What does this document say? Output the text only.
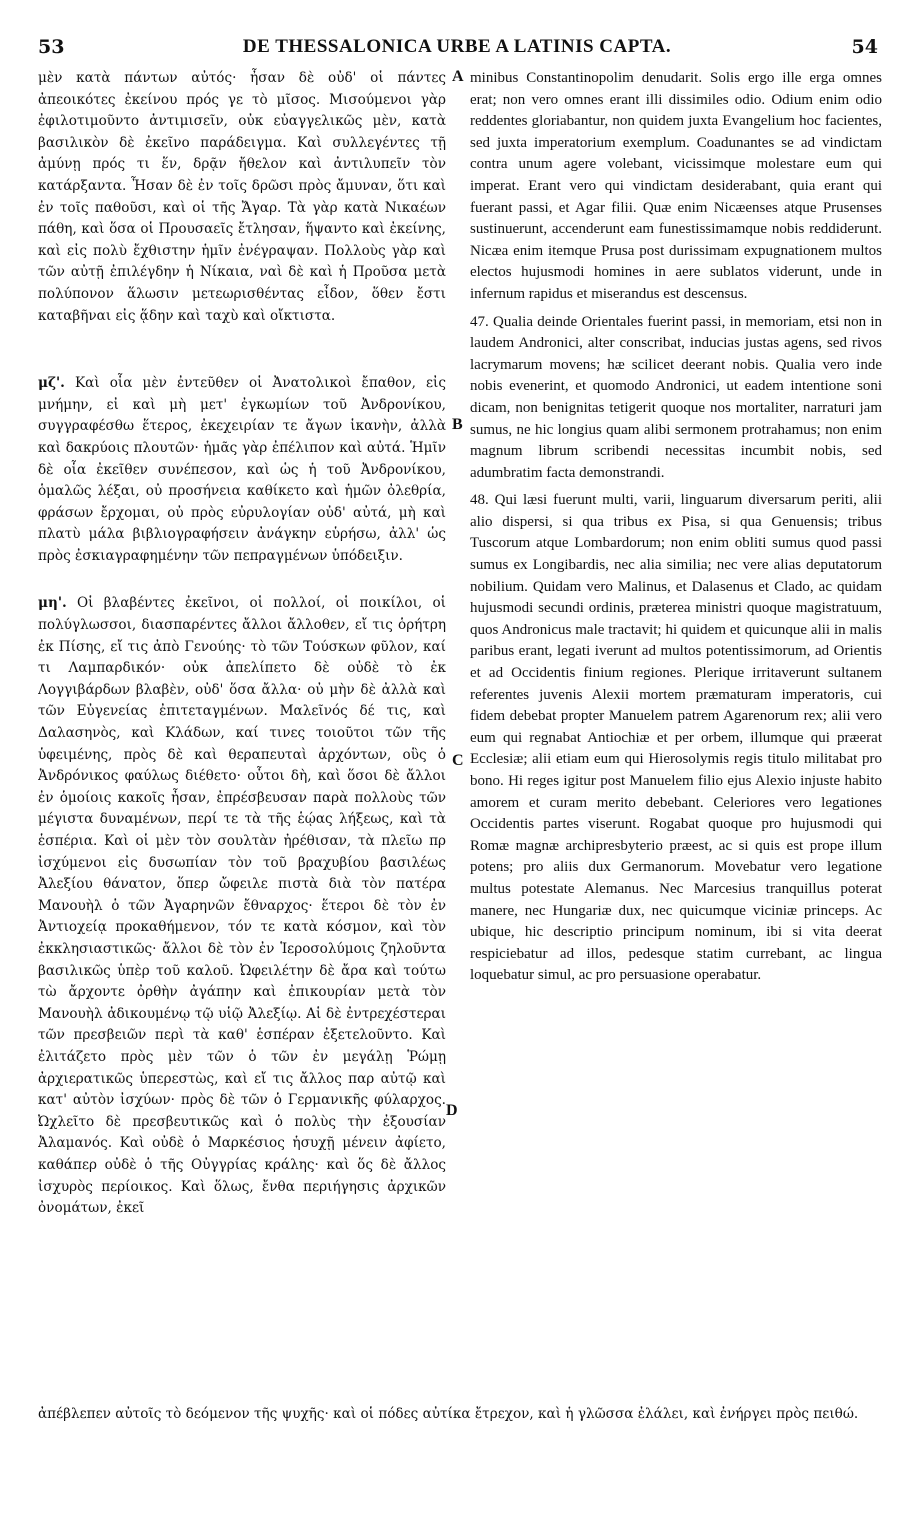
53	DE THESSALONICA URBE A LATINIS CAPTA.	54

μὲν κατὰ πάντων αὐτός· ἦσαν δὲ οὐδ' οἱ πάντες ἀπεοικότες ἐκείνου πρός γε τὸ μῖσος. Μισούμενοι γὰρ ἐφιλοτιμοῦντο ἀντιμισεῖν, οὐκ εὐαγγελικῶς μὲν, κατὰ βασιλικὸν δὲ ἐκεῖνο παράδειγμα. Καὶ συλλεγέντες τῇ ἀμύνῃ πρός τι ἕν, δρᾷν ἤθελον καὶ ἀντιλυπεῖν τὸν κατάρξαντα. Ἦσαν δὲ ἐν τοῖς δρῶσι πρὸς ἄμυναν, ὅτι καὶ ἐν τοῖς παθοῦσι, καὶ οἱ τῆς Ἄγαρ. Τὰ γὰρ κατὰ Νικαέων πάθη, καὶ ὅσα οἱ Προυσαεῖς ἔτλησαν, ἥψαντο καὶ ἐκείνης, καὶ εἰς πολὺ ἔχθιστην ἡμῖν ἐνέγραψαν. Πολλοὺς γὰρ καὶ τῶν αὐτῇ ἐπιλέγδην ἡ Νίκαια, ναὶ δὲ καὶ ἡ Προῦσα μετὰ πολύπονον ἅλωσιν μετεωρισθέντας εἶδον, ὅθεν ἔστι καταβῆναι εἰς ᾅδην καὶ ταχὺ καὶ οἴκτιστα.

μζ'. Καὶ οἷα μὲν ἐντεῦθεν οἱ Ἀνατολικοὶ ἔπαθον, εἰς μνήμην, εἰ καὶ μὴ μετ' ἐγκωμίων τοῦ Ἀνδρονίκου, συγγραφέσθω ἕτερος, ἐκεχειρίαν τε ἄγων ἱκανὴν, ἀλλὰ καὶ δακρύοις πλουτῶν· ἡμᾶς γὰρ ἐπέλιπον καὶ αὐτά. Ἡμῖν δὲ οἷα ἐκεῖθεν συνέπεσον, καὶ ὡς ἡ τοῦ Ἀνδρονίκου, ὁμαλῶς λέξαι, οὐ προσήνεια καθίκετο καὶ ἡμῶν ὀλεθρία, φράσων ἔρχομαι, οὐ πρὸς εὐρυλογίαν οὐδ' αὐτά, μὴ καὶ πλατὺ μάλα βιβλιογραφήσειν ἀνάγκην εὑρήσω, ἀλλ' ὡς πρὸς ἐσκιαγραφημένην τῶν πεπραγμένων ὑπόδειξιν.

μη'. Οἱ βλαβέντες ἐκεῖνοι, οἱ πολλοί, οἱ ποικίλοι, οἱ πολύγλωσσοι, διασπαρέντες ἄλλοι ἄλλοθεν, εἴ τις ὁρήτρη ἐκ Πίσης, εἴ τις ἀπὸ Γενούης· τὸ τῶν Τούσκων φῦλον, καί τι Λαμπαρδικόν· οὐκ ἀπελίπετο δὲ οὐδὲ τὸ ἐκ Λογγιβάρδων βλαβὲν, οὐδ' ὅσα ἄλλα· οὐ μὴν δὲ ἀλλὰ καὶ τῶν Εὐγενείας ἐπιτεταγμένων. Μαλεῖνός δέ τις, καὶ Δαλασηνὸς, καὶ Κλάδων, καί τινες τοιοῦτοι τῶν τῆς ὑφειμένης, πρὸς δὲ καὶ θεραπευταὶ ἀρχόντων, οὓς ὁ Ἀνδρόνικος φαύλως διέθετο· οὗτοι δὴ, καὶ ὅσοι δὲ ἄλλοι ἐν ὁμοίοις κακοῖς ἦσαν, ἐπρέσβευσαν παρὰ πολλοὺς τῶν μέγιστα δυναμένων, περί τε τὰ τῆς ἑῴας λήξεως, καὶ τὰ ἑσπέρια. Καὶ οἱ μὲν τὸν σουλτὰν ἠρέθισαν, τὰ πλεῖω πρ ἰσχύμενοι εἰς δυσωπίαν τὸν τοῦ βραχυβίου βασιλέως Ἀλεξίου θάνατον, ὅπερ ὤφειλε πιστὰ διὰ τὸν πατέρα Μανουὴλ ὁ τῶν Ἀγαρηνῶν ἔθναρχος· ἕτεροι δὲ τὸν ἐν Ἀντιοχείᾳ προκαθήμενον, τόν τε κατὰ κόσμον, καὶ τὸν ἐκκλησιαστικῶς· ἄλλοι δὲ τὸν ἐν Ἱεροσολύμοις ζηλοῦντα βασιλικῶς ὑπὲρ τοῦ καλοῦ. Ὠφειλέτην δὲ ἄρα καὶ τούτω τὼ ἄρχοντε ὀρθὴν ἀγάπην καὶ ἐπικουρίαν μετὰ τὸν Μανουὴλ ἀδικουμένῳ τῷ υἱῷ Ἀλεξίῳ. Αἱ δὲ ἐντρεχέστεραι τῶν πρεσβειῶν περὶ τὰ καθ' ἑσπέραν ἐξετελοῦντο. Καὶ ἐλιτάζετο πρὸς μὲν τῶν ὁ τῶν ἐν μεγάλῃ Ῥώμῃ ἀρχιερατικῶς ὑπερεστὼς, καὶ εἴ τις ἄλλος παρ αὐτῷ καὶ κατ' αὐτὸν ἰσχύων· πρὸς δὲ τῶν ὁ Γερμανικῆς φύλαρχος. Ὠχλεῖτο δὲ πρεσβευτικῶς καὶ ὁ πολὺς τὴν ἐξουσίαν Ἀλαμανός. Καὶ οὐδὲ ὁ Μαρκέσιος ἡσυχῇ μένειν ἀφίετο, καθάπερ οὐδὲ ὁ τῆς Οὐγγρίας κράλης· καὶ ὅς δὲ ἄλλος ἰσχυρὸς περίοικος. Καὶ ὅλως, ἔνθα περιήγησις ἀρχικῶν ὀνομάτων, ἐκεῖ

A
B
C
D

minibus Constantinopolim denudarit. Solis ergo ille erga omnes erat; non vero omnes erant illi dissimiles odio. Odium enim odio reddentes gloriabantur, non quidem juxta Evangelium hoc facientes, sed juxta imperatorium exemplum. Coadunantes se ad vindictam contra unum agere volebant, vicissimque molestare eum qui imperat. Erant vero qui vindictam desiderabant, quia erant qui fuerant passi, et Agar filii. Quæ enim Nicæenses atque Prusenses sustinuerunt, accenderunt eam funestissimamque nobis reddiderunt. Nicæa enim itemque Prusa post durissimam expugnationem multos electos hujusmodi homines in aere sublatos viderunt, unde in infernum rapidus et miserandus est descensus.

47. Qualia deinde Orientales fuerint passi, in memoriam, etsi non in laudem Andronici, alter conscribat, inducias justas agens, sed rivos lacrymarum movens; hæ scilicet deerant nobis. Qualia vero inde nobis evenerint, et quomodo Andronici, ut eadem intentione soni dicam, non benignitas tetigerit quoque nos mortaliter, narraturi jam sumus, ne hic longius quam alibi sermonem protrahamus; non enim magnum librum scribendi necessitas incumbit nobis, sed adumbratim facta demonstrandi.

48. Qui læsi fuerunt multi, varii, linguarum diversarum periti, alii alio dispersi, si qua tribus ex Pisa, si qua Genuensis; tribus Tuscorum atque Lombardorum; non enim obliti sumus quod passi sumus ex Longibardis, nec alia similia; nec vere alias deputatorum nobilium. Quidam vero Malinus, et Dalasenus et Clado, ac quidam hujusmodi secundi ordinis, præterea ministri quoque magistratuum, quos Andronicus male tractavit; hi quidem et quicunque alii in malis paribus erant, legati iverunt ad multos potentissimorum, ad Orientis et ad Occidentis finium regiones. Plerique irritaverunt sultanem referentes juvenis Alexii mortem præmaturam imperatoris, cui fidem debebat propter Manuelem patrem Agarenorum rex; alii vero eum qui regnabat Antiochiæ et per orbem, illumque qui præerat Ecclesiæ; alii etiam eum qui Hierosolymis regis titulo militabat pro bono. Hi reges igitur post Manuelem filio ejus Alexio injuste habito amorem et curam merito debebant. Celeriores vero legationes Occidentis partes viserunt. Rogabat quoque pro hujusmodi qui Romæ magnæ archipresbyterio præest, ac si quis est prope illum potens; pro aliis dux Germanorum. Movebatur vero legatione multus potestate Alemanus. Nec Marcesius tranquillus poterat manere, nec Hungariæ dux, nec quicumque viciniæ princeps. Ac ubique, hic descriptio principum nominum, ibi si vita deerat respiciebatur ad illos, pedesque statim currebant, ac lingua loquebatur simul, ac pro persuasione operabatur.

ἀπέβλεπεν αὐτοῖς τὸ δεόμενον τῆς ψυχῆς· καὶ οἱ πόδες αὐτίκα ἔτρεχον, καὶ ἡ γλῶσσα ἐλάλει, καὶ ἐνήργει πρὸς πειθώ.
